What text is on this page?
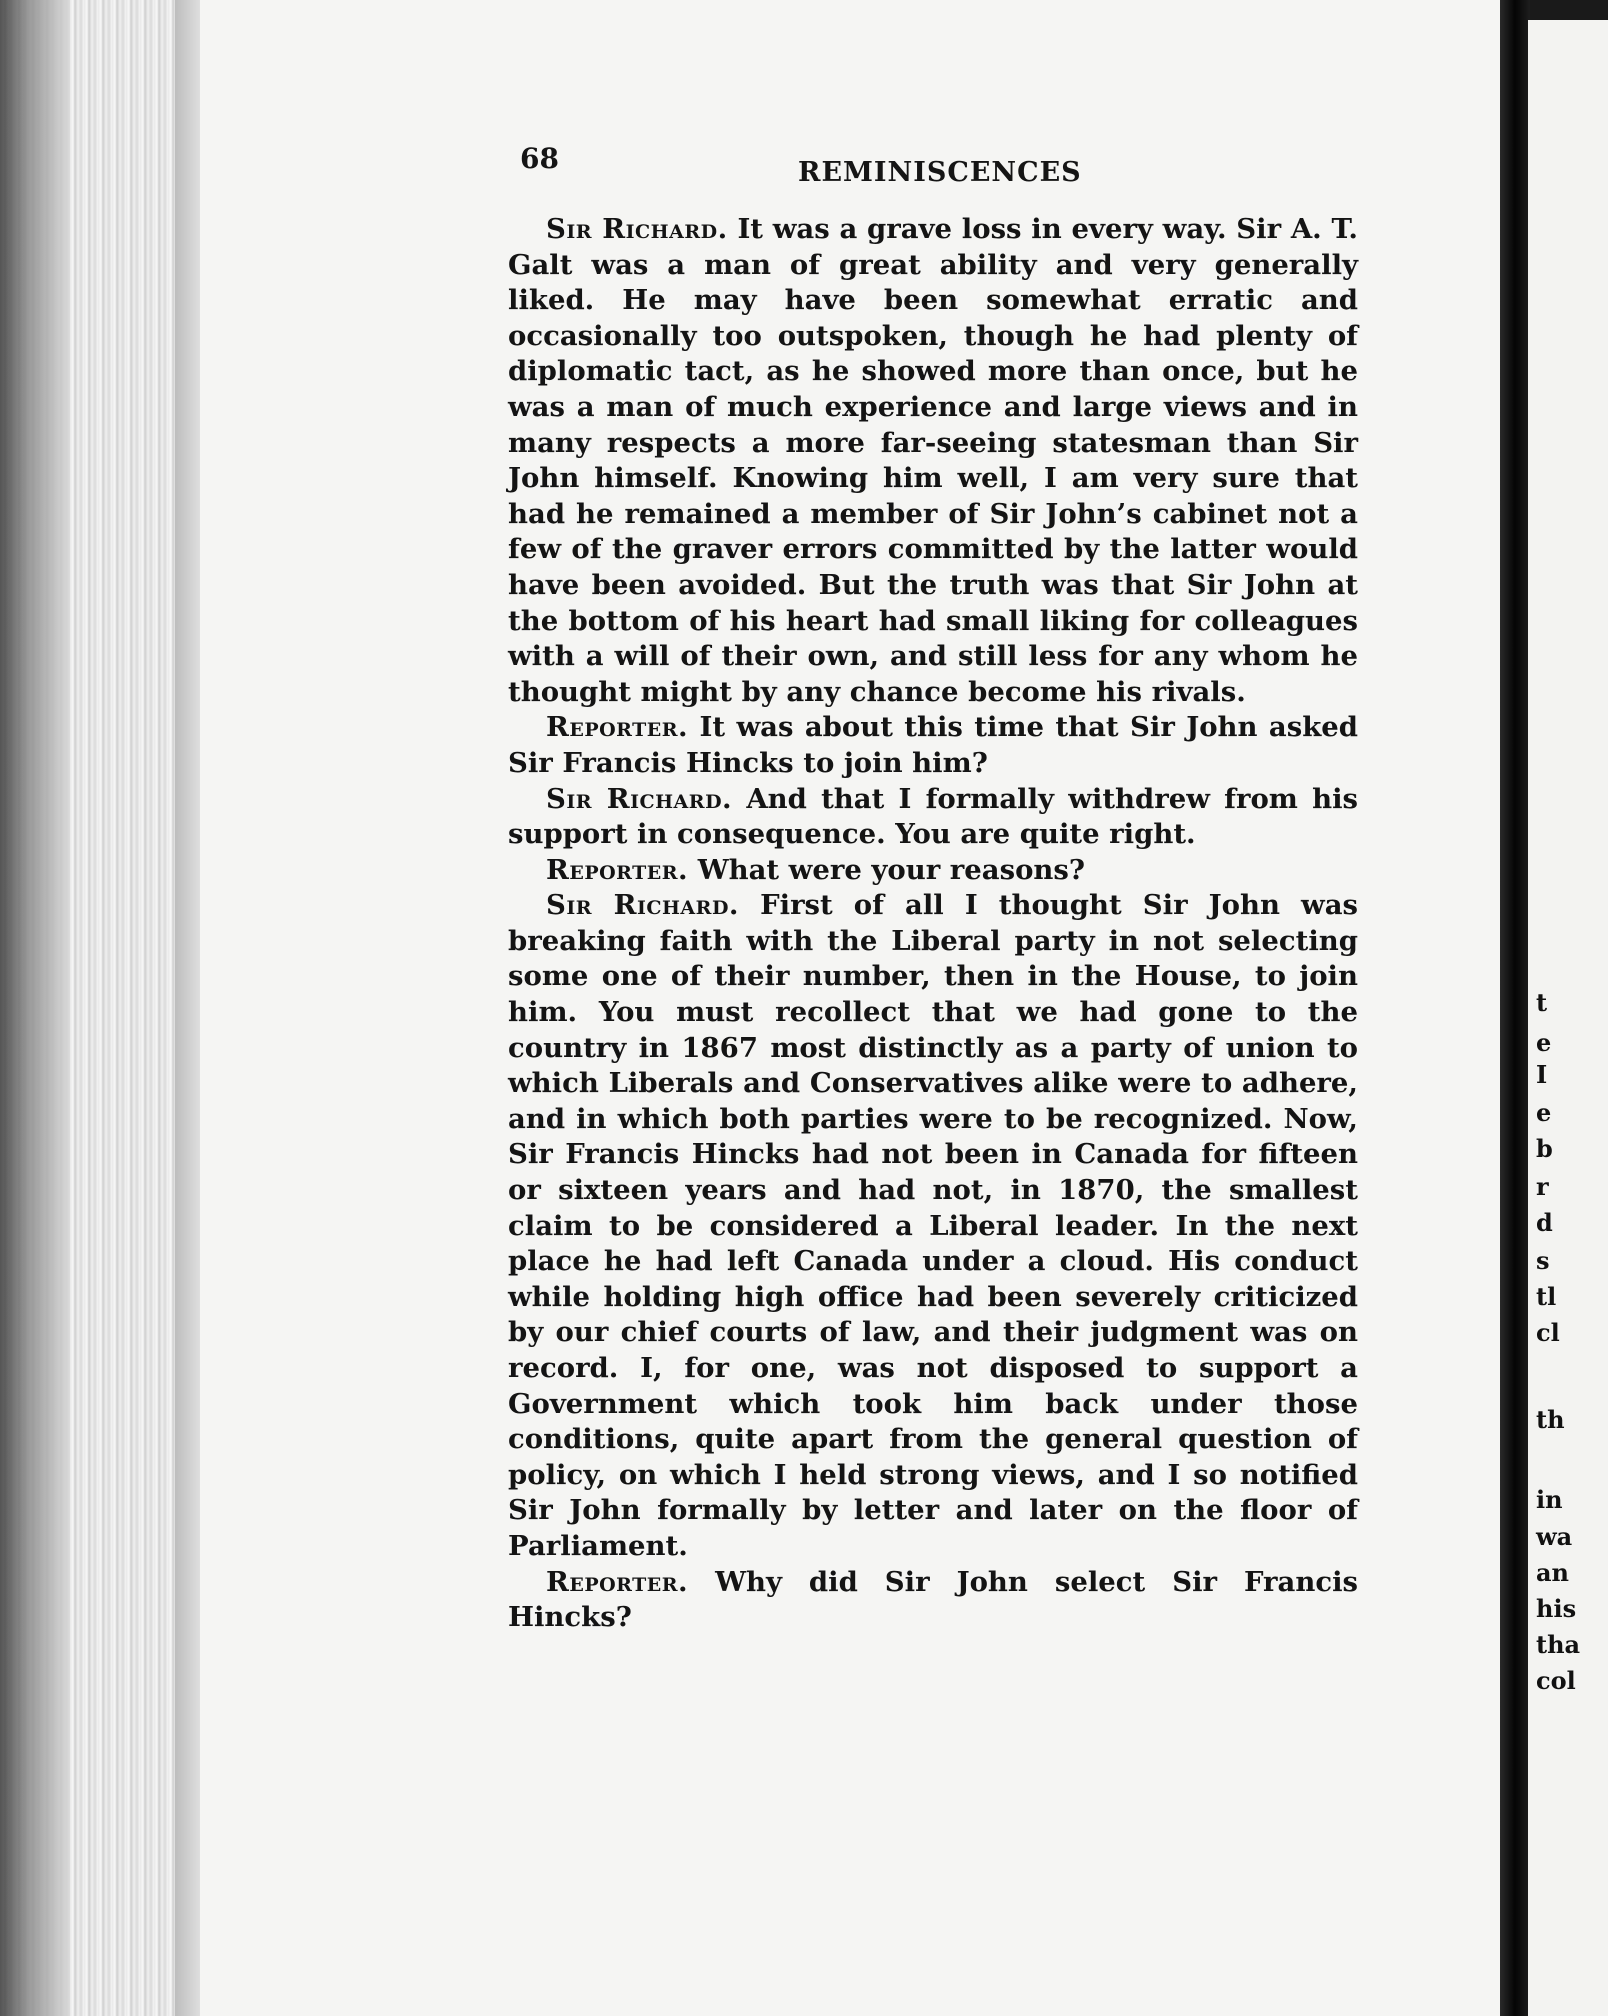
68	REMINISCENCES

Sir Richard. It was a grave loss in every way. Sir A. T. Galt was a man of great ability and very generally liked. He may have been somewhat erratic and occasionally too outspoken, though he had plenty of diplomatic tact, as he showed more than once, but he was a man of much experience and large views and in many respects a more far-seeing statesman than Sir John himself. Knowing him well, I am very sure that had he remained a member of Sir John’s cabinet not a few of the graver errors committed by the latter would have been avoided. But the truth was that Sir John at the bottom of his heart had small liking for colleagues with a will of their own, and still less for any whom he thought might by any chance become his rivals.

Reporter. It was about this time that Sir John asked Sir Francis Hincks to join him?

Sir Richard. And that I formally withdrew from his support in consequence. You are quite right.

Reporter. What were your reasons?

Sir Richard. First of all I thought Sir John was breaking faith with the Liberal party in not selecting some one of their number, then in the House, to join him. You must recollect that we had gone to the country in 1867 most distinctly as a party of union to which Liberals and Conservatives alike were to adhere, and in which both parties were to be recognized. Now, Sir Francis Hincks had not been in Canada for fifteen or sixteen years and had not, in 1870, the smallest claim to be considered a Liberal leader. In the next place he had left Canada under a cloud. His conduct while holding high office had been severely criticized by our chief courts of law, and their judgment was on record. I, for one, was not disposed to support a Government which took him back under those conditions, quite apart from the general question of policy, on which I held strong views, and I so notified Sir John formally by letter and later on the floor of Parliament.

Reporter. Why did Sir John select Sir Francis Hincks?

t
e
I
e
b
r
d
s
tl
cl
th
in
wa
an
his
tha
col
